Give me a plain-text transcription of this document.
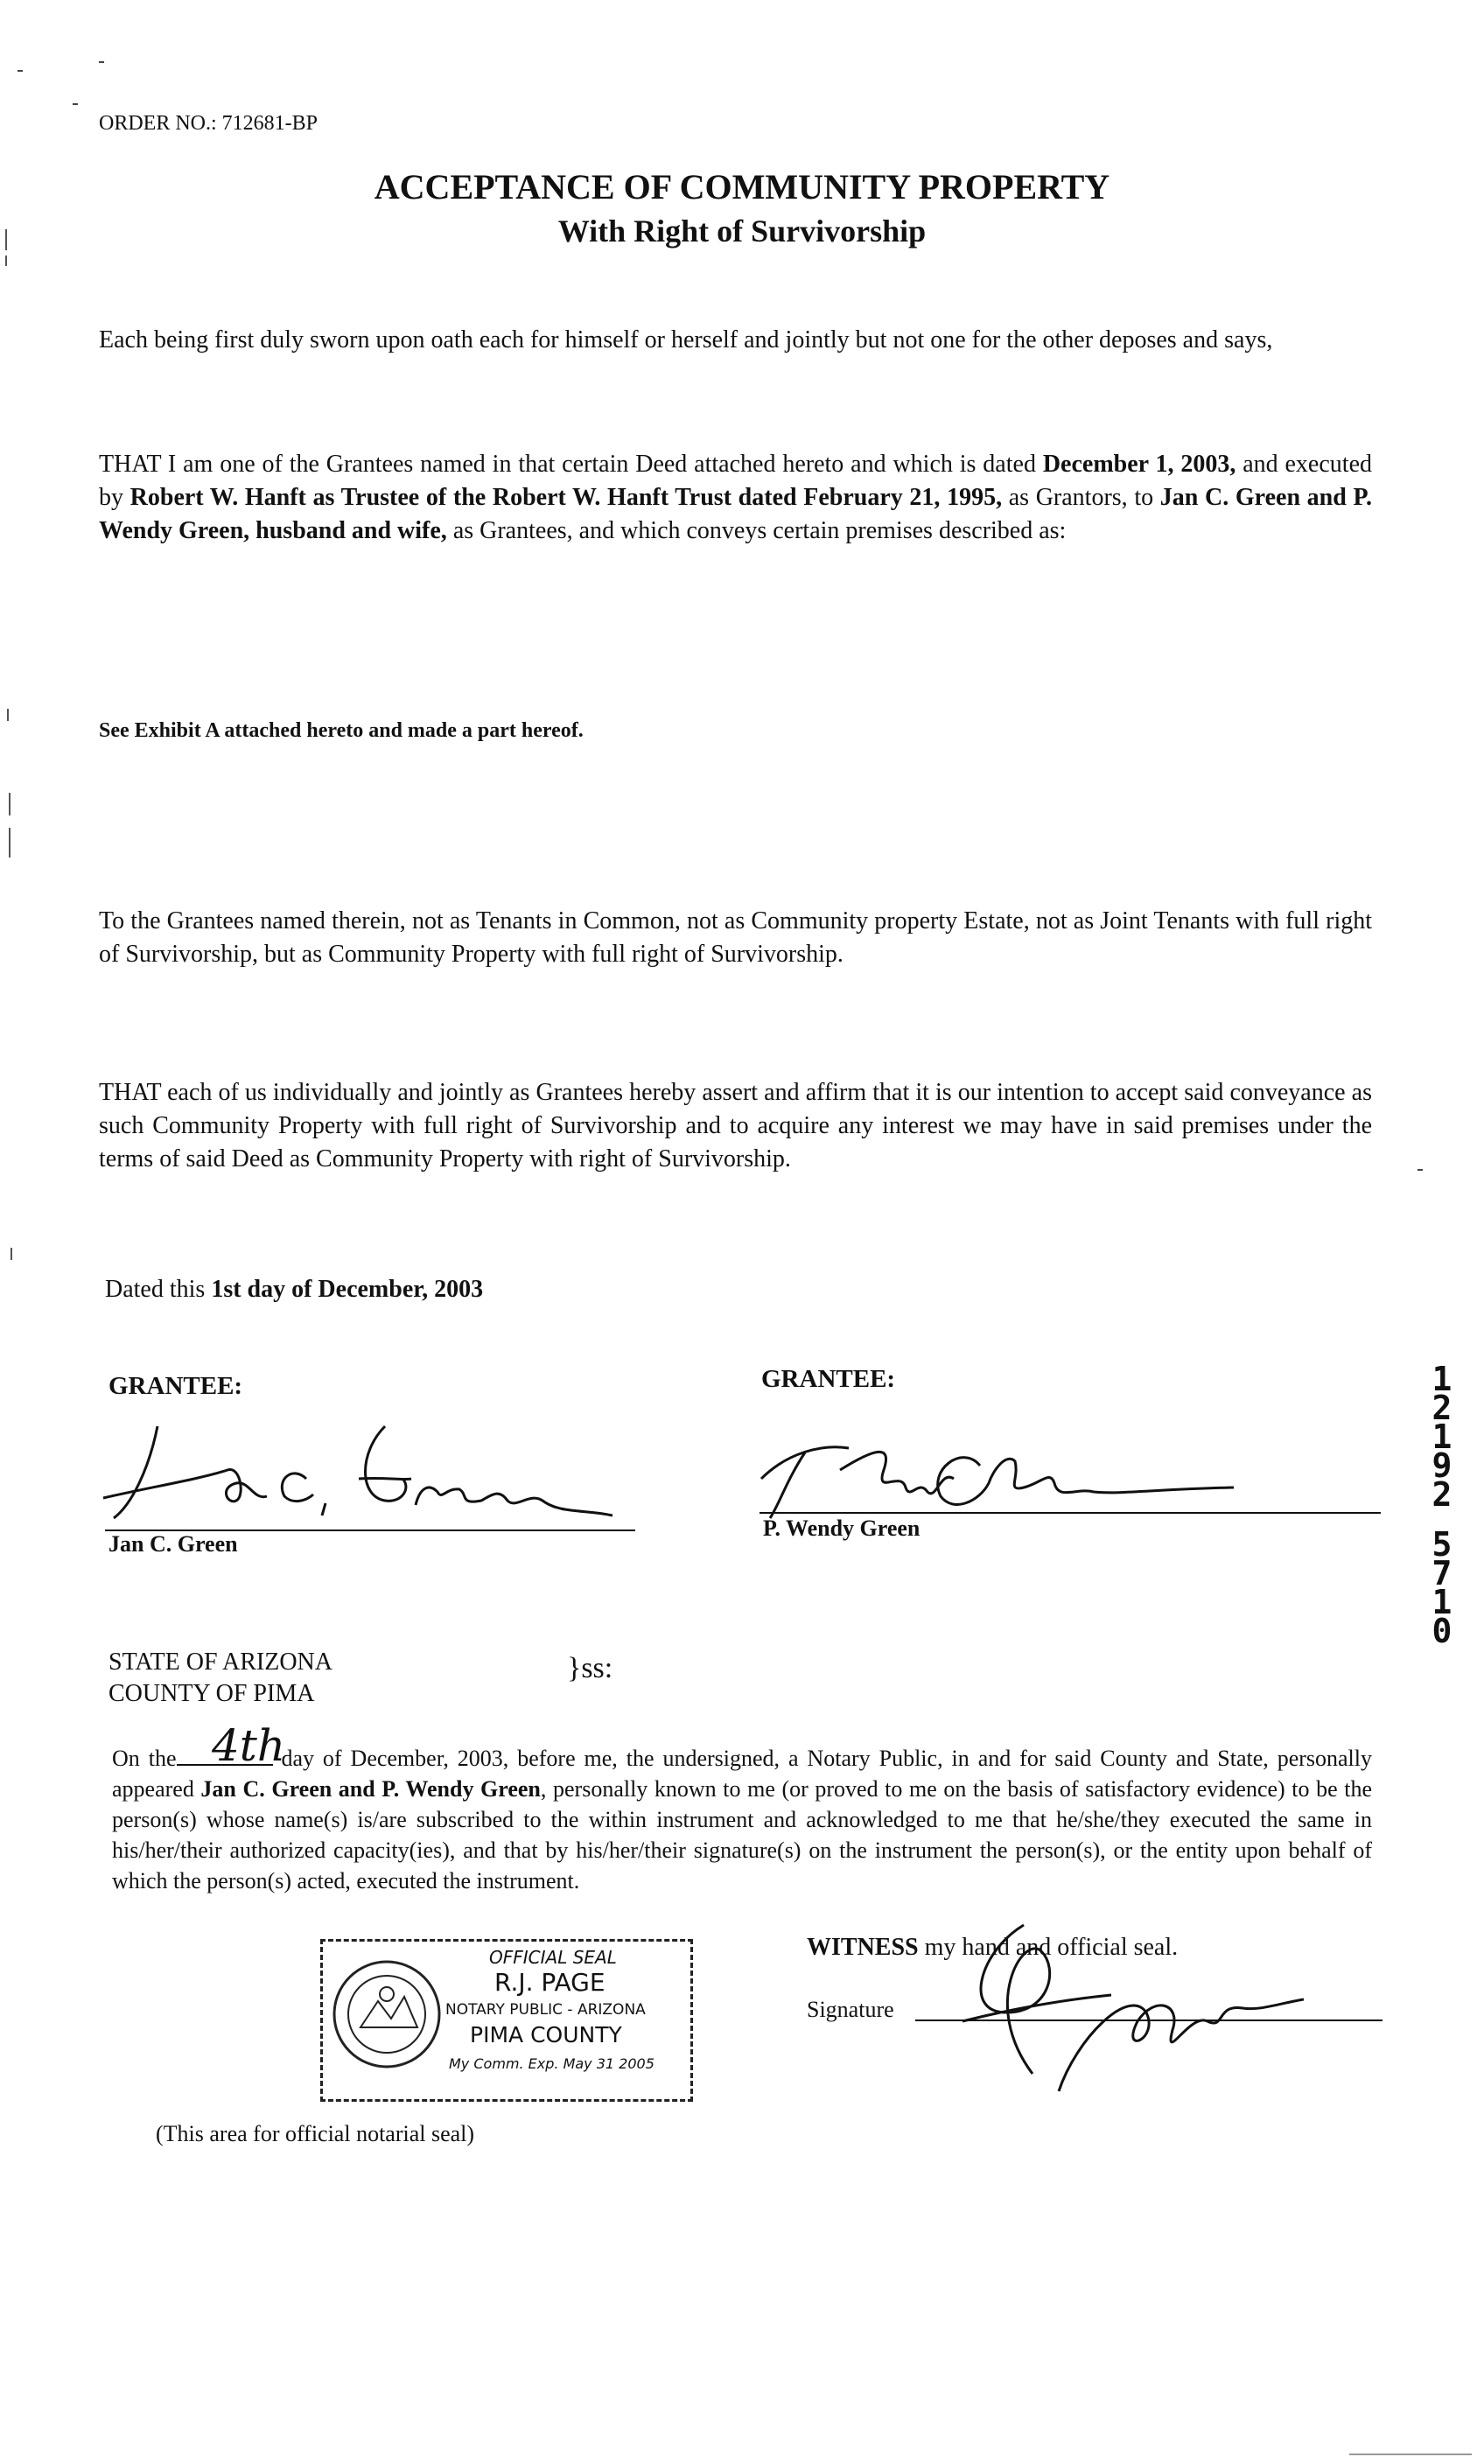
ORDER NO.: 712681-BP
ACCEPTANCE OF COMMUNITY PROPERTY
With Right of Survivorship
Each being first duly sworn upon oath each for himself or herself and jointly but not one for the other deposes and says,
THAT I am one of the Grantees named in that certain Deed attached hereto and which is dated December 1, 2003, and executed by Robert W. Hanft as Trustee of the Robert W. Hanft Trust dated February 21, 1995, as Grantors, to Jan C. Green and P. Wendy Green, husband and wife, as Grantees, and which conveys certain premises described as:
See Exhibit A attached hereto and made a part hereof.
To the Grantees named therein, not as Tenants in Common, not as Community property Estate, not as Joint Tenants with full right of Survivorship, but as Community Property with full right of Survivorship.
THAT each of us individually and jointly as Grantees hereby assert and affirm that it is our intention to accept said conveyance as such Community Property with full right of Survivorship and to acquire any interest we may have in said premises under the terms of said Deed as Community Property with right of Survivorship.
Dated this 1st day of December, 2003
GRANTEE:	GRANTEE:
Jan C. Green
P. Wendy Green
1
2
1
9
2
5
7
1
0
STATE OF ARIZONA
COUNTY OF PIMA
}ss:
4th
On the	day of December, 2003, before me, the undersigned, a Notary Public, in and for said County and State, personally appeared Jan C. Green and P. Wendy Green, personally known to me (or proved to me on the basis of satisfactory evidence) to be the person(s) whose name(s) is/are subscribed to the within instrument and acknowledged to me that he/she/they executed the same in his/her/their authorized capacity(ies), and that by his/her/their signature(s) on the instrument the person(s), or the entity upon behalf of which the person(s) acted, executed the instrument.
WITNESS my hand and official seal.
Signature
OFFICIAL SEAL
R.J. PAGE
NOTARY PUBLIC - ARIZONA
PIMA COUNTY
My Comm. Exp. May 31 2005
(This area for official notarial seal)
